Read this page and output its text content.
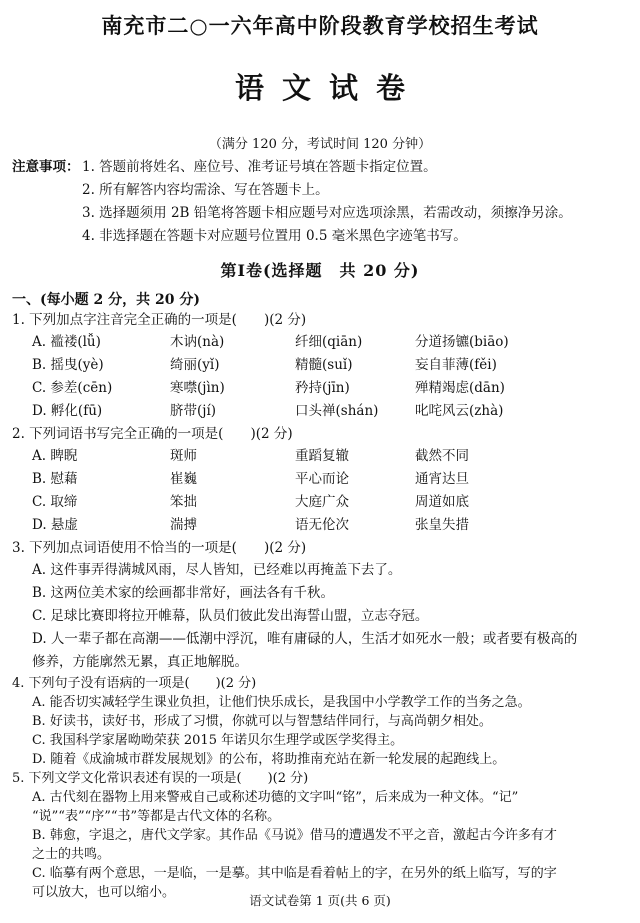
南充市二○一六年高中阶段教育学校招生考试
语文试卷
（满分 120 分，考试时间 120 分钟）
注意事项： 1. 答题前将姓名、座位号、准考证号填在答题卡指定位置。
2. 所有解答内容均需涂、写在答题卡上。
3. 选择题须用 2B 铅笔将答题卡相应题号对应选项涂黑，若需改动，须擦净另涂。
4. 非选择题在答题卡对应题号位置用 0.5 毫米黑色字迹笔书写。
第Ⅰ卷(选择题　共 20 分)
一、(每小题 2 分，共 20 分)
1. 下列加点字注音完全正确的一项是(　　)(2 分)
A. 褴褛(lǚ)	木讷(nà)	纤细(qiān)	分道扬镳(biāo)
B. 摇曳(yè)	绮丽(yǐ)	精髓(suǐ)	妄自菲薄(fěi)
C. 参差(cēn)	寒噤(jìn)	矜持(jīn)	殚精竭虑(dān)
D. 孵化(fū)	脐带(jí)	口头禅(shán)	叱咤风云(zhà)
2. 下列词语书写完全正确的一项是(　　)(2 分)
A. 睥睨	斑师	重蹈复辙	截然不同
B. 慰藉	崔巍	平心而论	通宵达旦
C. 取缔	笨拙	大庭广众	周道如底
D. 悬虚	湍搏	语无伦次	张皇失措
3. 下列加点词语使用不恰当的一项是(　　)(2 分)
A. 这件事弄得满城风雨，尽人皆知，已经难以再掩盖下去了。
B. 这两位美术家的绘画都非常好，画法各有千秋。
C. 足球比赛即将拉开帷幕，队员们彼此发出海誓山盟，立志夺冠。
D. 人一辈子都在高潮——低潮中浮沉，唯有庸碌的人，生活才如死水一般；或者要有极高的
修养，方能廓然无累，真正地解脱。
4. 下列句子没有语病的一项是(　　)(2 分)
A. 能否切实减轻学生课业负担，让他们快乐成长，是我国中小学教学工作的当务之急。
B. 好读书，读好书，形成了习惯，你就可以与智慧结伴同行，与高尚朝夕相处。
C. 我国科学家屠呦呦荣获 2015 年诺贝尔生理学或医学奖得主。
D. 随着《成渝城市群发展规划》的公布，将助推南充站在新一轮发展的起跑线上。
5. 下列文学文化常识表述有误的一项是(　　)(2 分)
A. 古代刻在器物上用来警戒自己或称述功德的文字叫“铭”，后来成为一种文体。“记”
“说”“表”“序”“书”等都是古代文体的名称。
B. 韩愈，字退之，唐代文学家。其作品《马说》借马的遭遇发不平之音，激起古今许多有才
之士的共鸣。
C. 临摹有两个意思，一是临，一是摹。其中临是看着帖上的字，在另外的纸上临写，写的字
可以放大，也可以缩小。
语文试卷第 1 页(共 6 页)
